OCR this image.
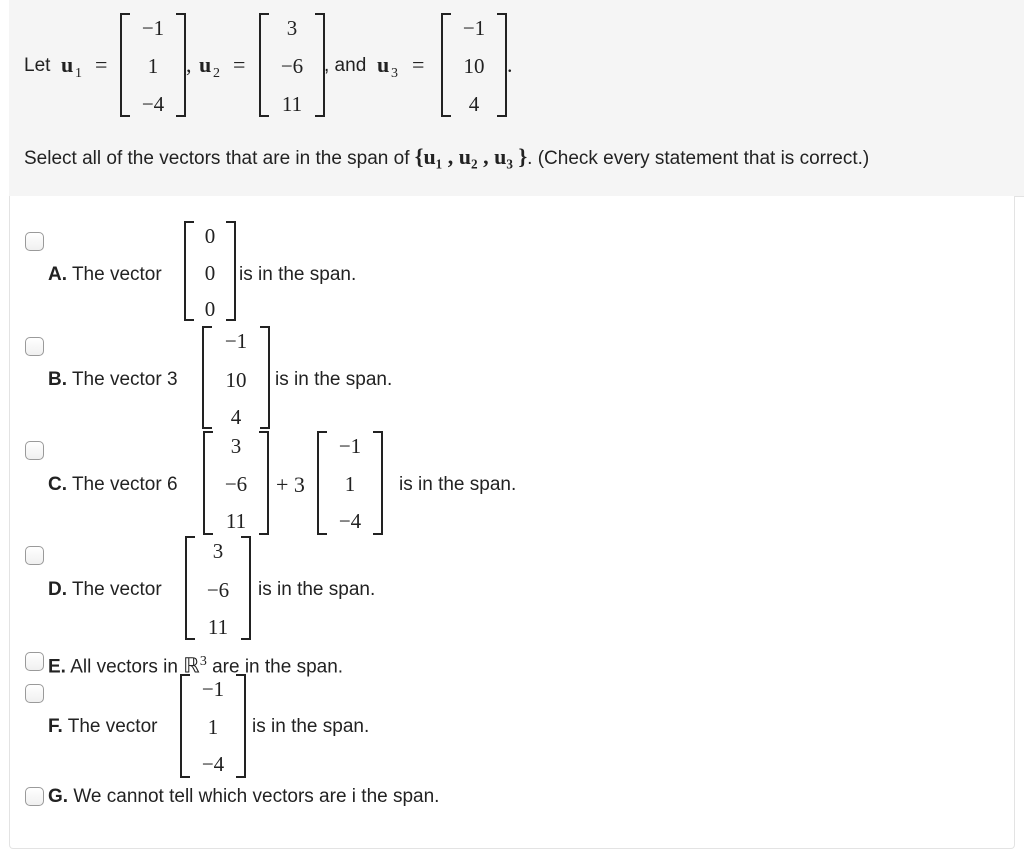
Let u 1 =
−1
1
−4
, u 2 =
3
−6
11
, and u 3 =
−1
10
4
.
Select all of the vectors that are in the span of {u₁ , u₂ , u₃ }. (Check every statement that is correct.)
A. The vector
0
0
0
is in the span.
B. The vector 3
−1
10
4
is in the span.
C. The vector 6
3
−6
11
+ 3
−1
1
−4
is in the span.
D. The vector
3
−6
11
is in the span.
E. All vectors in ℝ$^3$ are in the span.
F. The vector
−1
1
−4
is in the span.
G. We cannot tell which vectors are i the span.
